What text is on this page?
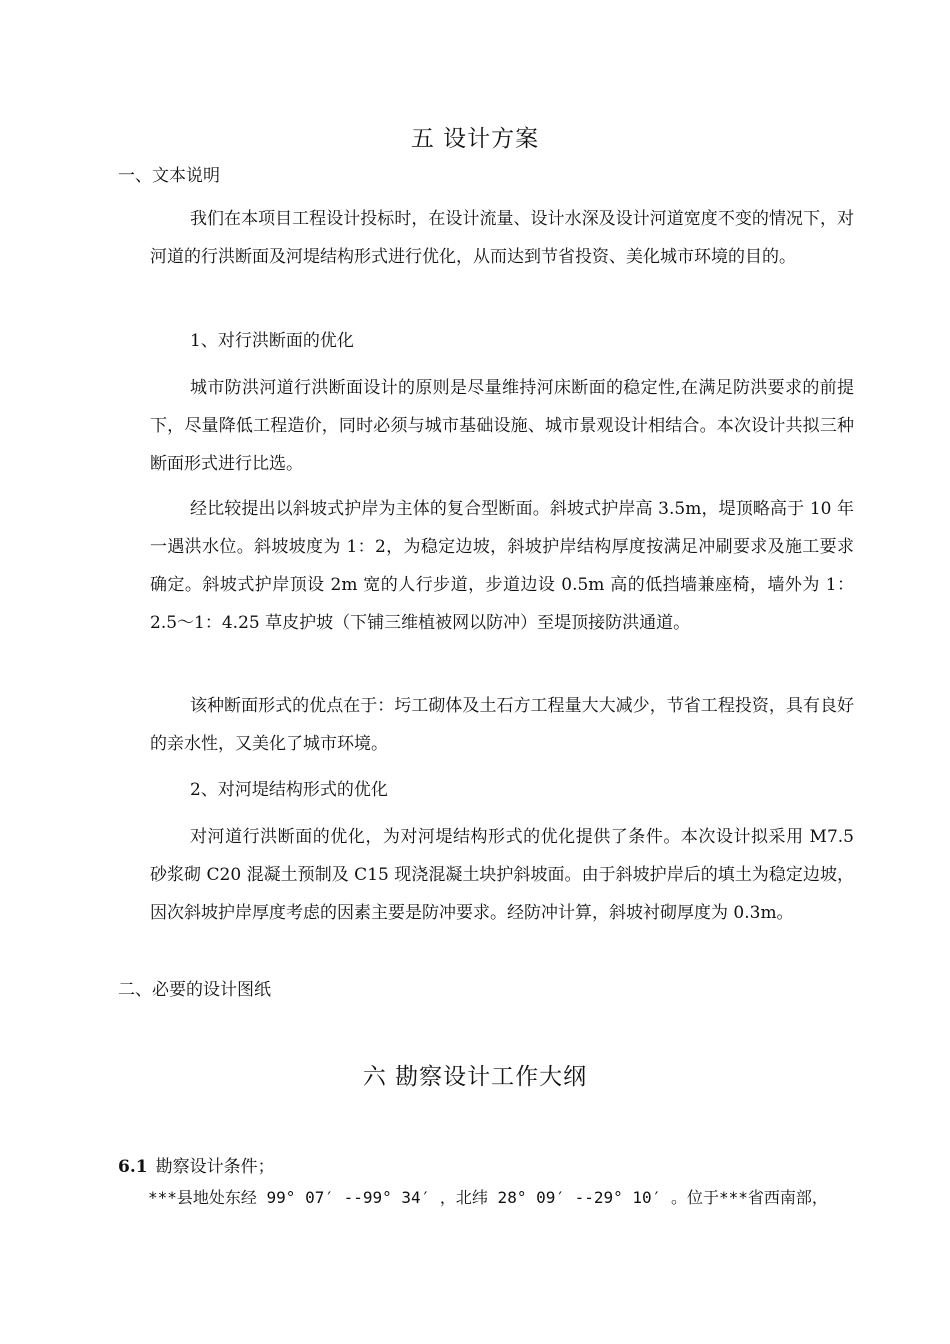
五 设计方案
一、文本说明
我们在本项目工程设计投标时，在设计流量、设计水深及设计河道宽度不变的情况下，对河道的行洪断面及河堤结构形式进行优化，从而达到节省投资、美化城市环境的目的。
1、对行洪断面的优化
城市防洪河道行洪断面设计的原则是尽量维持河床断面的稳定性,在满足防洪要求的前提下，尽量降低工程造价，同时必须与城市基础设施、城市景观设计相结合。本次设计共拟三种断面形式进行比选。
经比较提出以斜坡式护岸为主体的复合型断面。斜坡式护岸高 3.5m，堤顶略高于 10 年一遇洪水位。斜坡坡度为 1：2，为稳定边坡，斜坡护岸结构厚度按满足冲刷要求及施工要求确定。斜坡式护岸顶设 2m 宽的人行步道，步道边设 0.5m 高的低挡墙兼座椅，墙外为 1：2.5～1：4.25 草皮护坡（下铺三维植被网以防冲）至堤顶接防洪通道。
该种断面形式的优点在于：圬工砌体及土石方工程量大大减少，节省工程投资，具有良好的亲水性，又美化了城市环境。
2、对河堤结构形式的优化
对河道行洪断面的优化，为对河堤结构形式的优化提供了条件。本次设计拟采用 M7.5 砂浆砌 C20 混凝土预制及 C15 现浇混凝土块护斜坡面。由于斜坡护岸后的填土为稳定边坡，因次斜坡护岸厚度考虑的因素主要是防冲要求。经防冲计算，斜坡衬砌厚度为 0.3m。
二、必要的设计图纸
六 勘察设计工作大纲
6.1 勘察设计条件；
***县地处东经 99° 07′ --99° 34′ ，北纬 28° 09′ --29° 10′ 。位于***省西南部，
